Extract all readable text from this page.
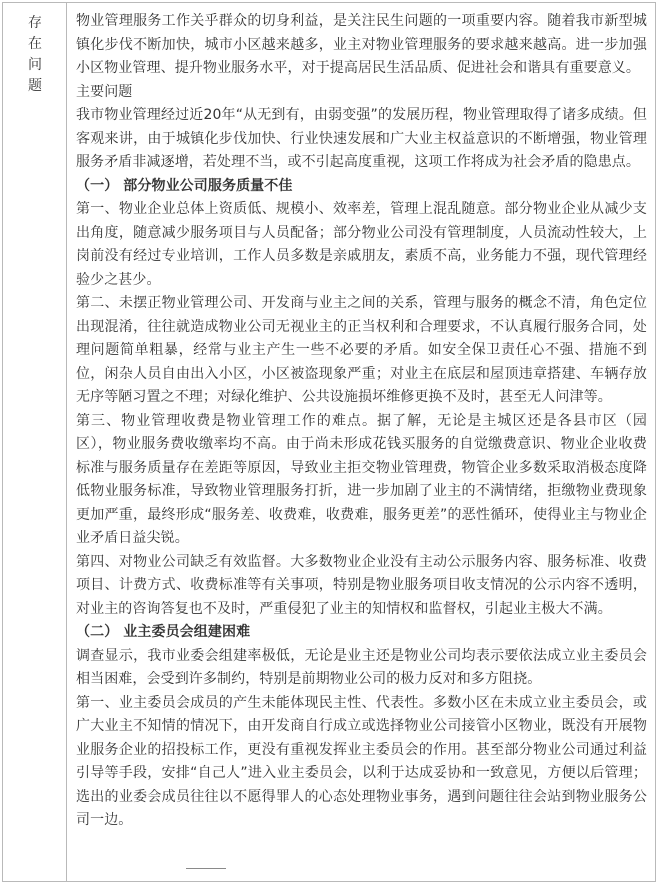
存在问题

物业管理服务工作关乎群众的切身利益，是关注民生问题的一项重要内容。随着我市新型城镇化步伐不断加快，城市小区越来越多，业主对物业管理服务的要求越来越高。进一步加强小区物业管理、提升物业服务水平，对于提高居民生活品质、促进社会和谐具有重要意义。

主要问题

我市物业管理经过近20年“从无到有，由弱变强”的发展历程，物业管理取得了诸多成绩。但客观来讲，由于城镇化步伐加快、行业快速发展和广大业主权益意识的不断增强，物业管理服务矛盾非减逐增，若处理不当，或不引起高度重视，这项工作将成为社会矛盾的隐患点。

（一） 部分物业公司服务质量不佳

第一、物业企业总体上资质低、规模小、效率差，管理上混乱随意。部分物业企业从减少支出角度，随意减少服务项目与人员配备；部分物业公司没有管理制度，人员流动性较大，上岗前没有经过专业培训，工作人员多数是亲戚朋友，素质不高，业务能力不强，现代管理经验少之甚少。

第二、未摆正物业管理公司、开发商与业主之间的关系，管理与服务的概念不清，角色定位出现混淆，往往就造成物业公司无视业主的正当权利和合理要求，不认真履行服务合同，处理问题简单粗暴，经常与业主产生一些不必要的矛盾。如安全保卫责任心不强、措施不到位，闲杂人员自由出入小区，小区被盗现象严重；对业主在底层和屋顶违章搭建、车辆存放无序等陋习置之不理；对绿化维护、公共设施损坏维修更换不及时，甚至无人问津等。

第三、物业管理收费是物业管理工作的难点。据了解，无论是主城区还是各县市区（园区），物业服务费收缴率均不高。由于尚未形成花钱买服务的自觉缴费意识、物业企业收费标准与服务质量存在差距等原因，导致业主拒交物业管理费，物管企业多数采取消极态度降低物业服务标准，导致物业管理服务打折，进一步加剧了业主的不满情绪，拒缴物业费现象更加严重，最终形成“服务差、收费难，收费难，服务更差”的恶性循环，使得业主与物业企业矛盾日益尖锐。

第四、对物业公司缺乏有效监督。大多数物业企业没有主动公示服务内容、服务标准、收费项目、计费方式、收费标准等有关事项，特别是物业服务项目收支情况的公示内容不透明，对业主的咨询答复也不及时，严重侵犯了业主的知情权和监督权，引起业主极大不满。

（二） 业主委员会组建困难

调查显示，我市业委会组建率极低，无论是业主还是物业公司均表示要依法成立业主委员会相当困难，会受到许多制约，特别是前期物业公司的极力反对和多方阻挠。

第一、业主委员会成员的产生未能体现民主性、代表性。多数小区在未成立业主委员会，或广大业主不知情的情况下，由开发商自行成立或选择物业公司接管小区物业，既没有开展物业服务企业的招投标工作，更没有重视发挥业主委员会的作用。甚至部分物业公司通过利益引导等手段，安排“自己人”进入业主委员会，以利于达成妥协和一致意见，方便以后管理；选出的业委会成员往往以不愿得罪人的心态处理物业事务，遇到问题往往会站到物业服务公司一边。
